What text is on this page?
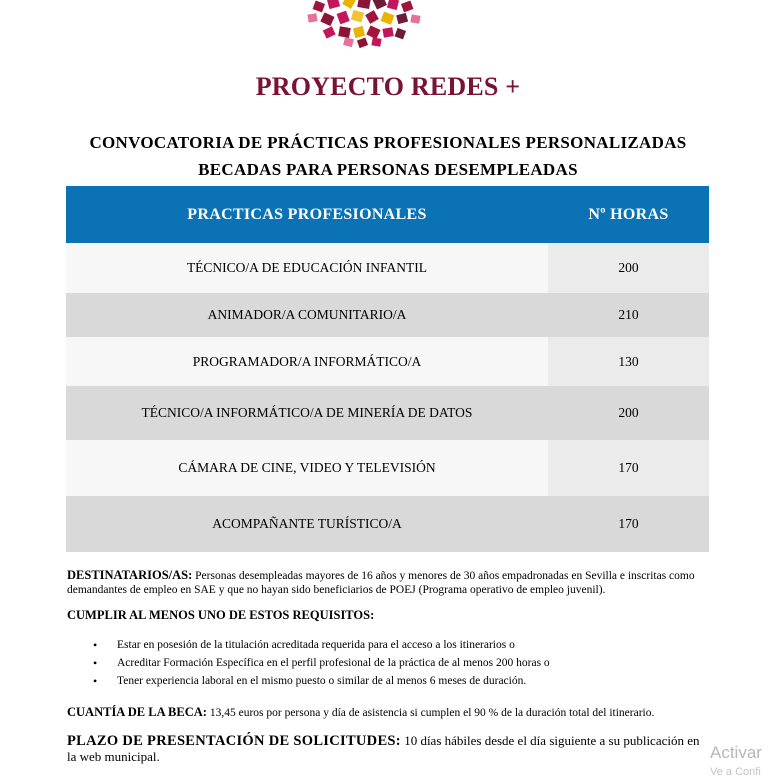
PROYECTO REDES +
CONVOCATORIA DE PRÁCTICAS PROFESIONALES PERSONALIZADAS
BECADAS PARA PERSONAS DESEMPLEADAS
PRACTICAS PROFESIONALES	Nº HORAS
TÉCNICO/A DE EDUCACIÓN INFANTIL	200
ANIMADOR/A COMUNITARIO/A	210
PROGRAMADOR/A INFORMÁTICO/A	130
TÉCNICO/A INFORMÁTICO/A DE MINERÍA DE DATOS	200
CÁMARA DE CINE, VIDEO Y TELEVISIÓN	170
ACOMPAÑANTE TURÍSTICO/A	170
DESTINATARIOS/AS: Personas desempleadas mayores de 16 años y menores de 30 años empadronadas en Sevilla e inscritas como demandantes de empleo en SAE y que no hayan sido beneficiarios de POEJ (Programa operativo de empleo juvenil).
CUMPLIR AL MENOS UNO DE ESTOS REQUISITOS:
• Estar en posesión de la titulación acreditada requerida para el acceso a los itinerarios o
• Acreditar Formación Específica en el perfil profesional de la práctica de al menos 200 horas o
• Tener experiencia laboral en el mismo puesto o similar de al menos 6 meses de duración.
CUANTÍA DE LA BECA: 13,45 euros por persona y día de asistencia si cumplen el 90 % de la duración total del itinerario.
PLAZO DE PRESENTACIÓN DE SOLICITUDES: 10 días hábiles desde el día siguiente a su publicación en la web municipal.	Activar
Ve a Confi
